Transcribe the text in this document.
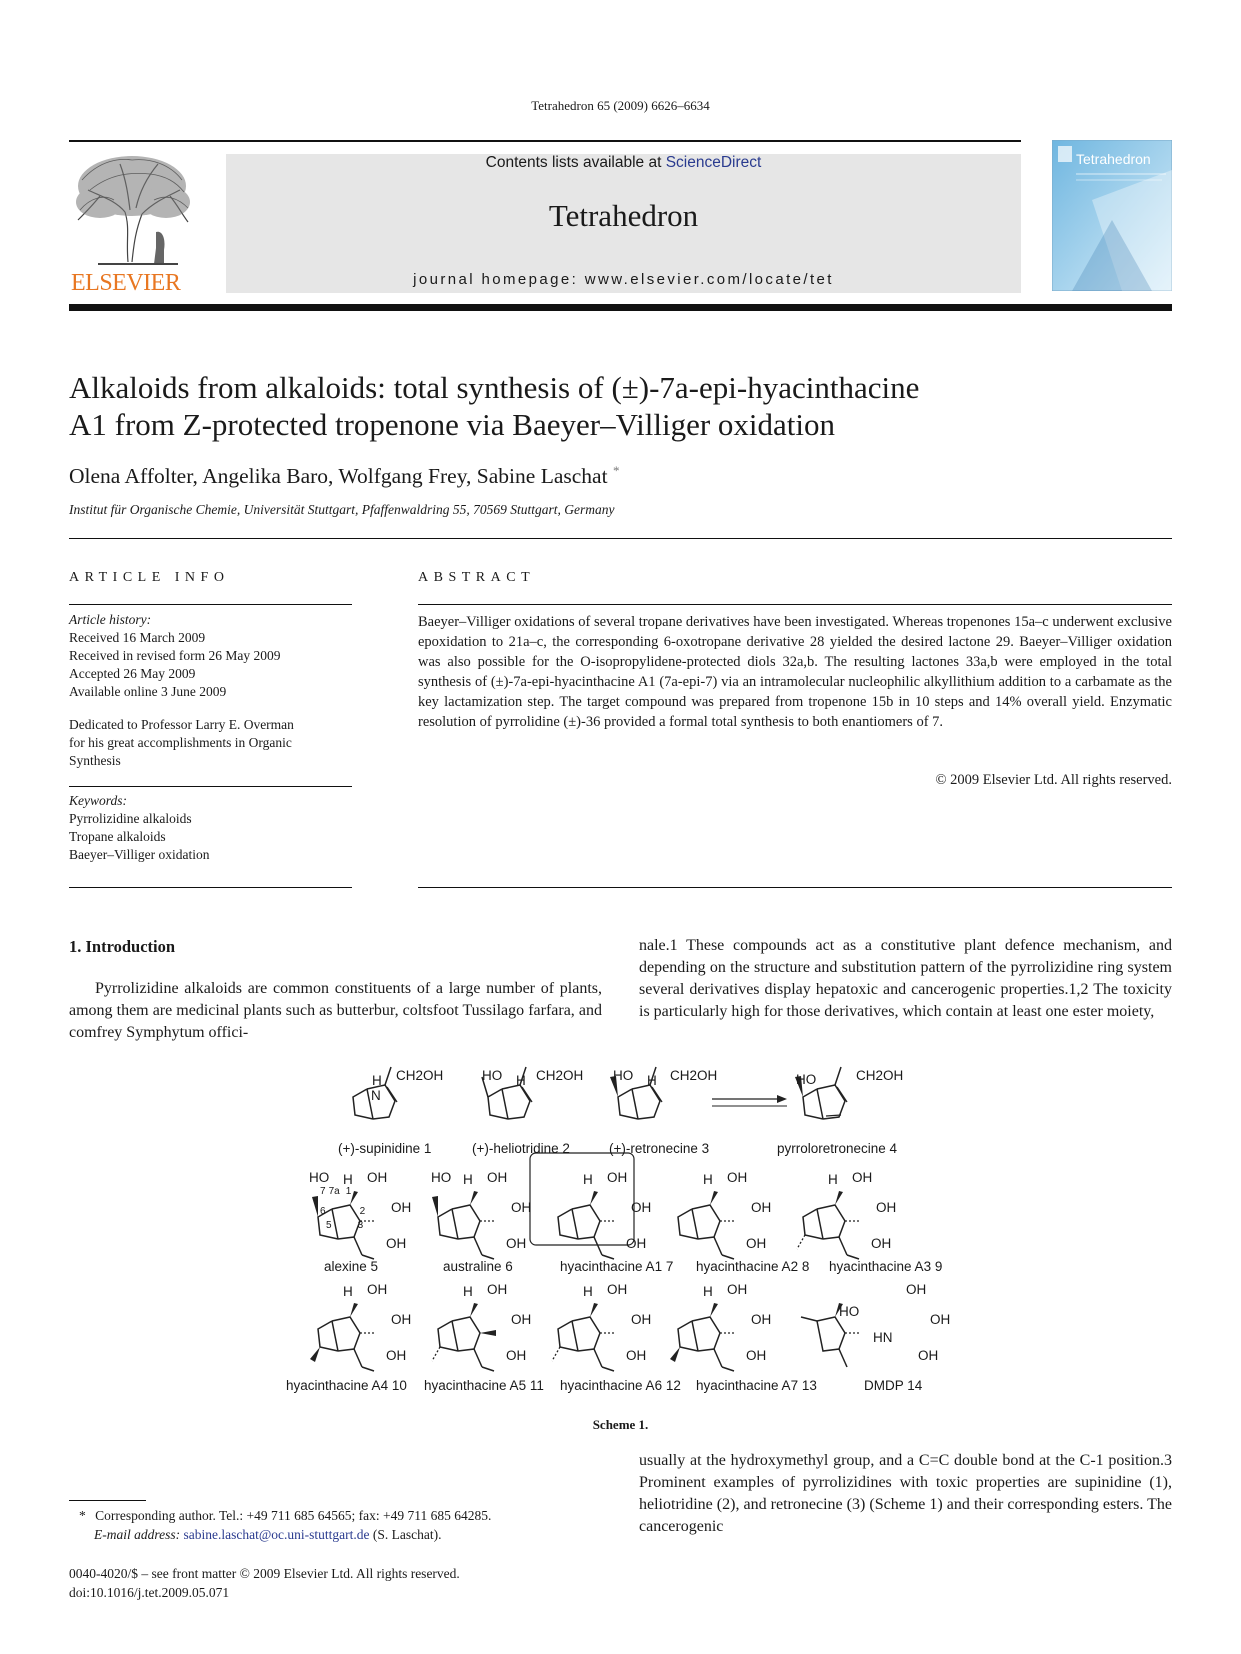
Tetrahedron 65 (2009) 6626–6634
ELSEVIER
Contents lists available at ScienceDirect
Tetrahedron
journal homepage: www.elsevier.com/locate/tet
Tetrahedron
Alkaloids from alkaloids: total synthesis of (±)-7a-epi-hyacinthacine
A1 from Z-protected tropenone via Baeyer–Villiger oxidation
Olena Affolter, Angelika Baro, Wolfgang Frey, Sabine Laschat *
Institut für Organische Chemie, Universität Stuttgart, Pfaffenwaldring 55, 70569 Stuttgart, Germany
ARTICLE INFO
Article history:
Received 16 March 2009
Received in revised form 26 May 2009
Accepted 26 May 2009
Available online 3 June 2009
Dedicated to Professor Larry E. Overman
for his great accomplishments in Organic
Synthesis
Keywords:
Pyrrolizidine alkaloids
Tropane alkaloids
Baeyer–Villiger oxidation
ABSTRACT
Baeyer–Villiger oxidations of several tropane derivatives have been investigated. Whereas tropenones 15a–c underwent exclusive epoxidation to 21a–c, the corresponding 6-oxotropane derivative 28 yielded the desired lactone 29. Baeyer–Villiger oxidation was also possible for the O-isopropylidene-protected diols 32a,b. The resulting lactones 33a,b were employed in the total synthesis of (±)-7a-epi-hyacinthacine A1 (7a-epi-7) via an intramolecular nucleophilic alkyllithium addition to a carbamate as the key lactamization step. The target compound was prepared from tropenone 15b in 10 steps and 14% overall yield. Enzymatic resolution of pyrrolidine (±)-36 provided a formal total synthesis to both enantiomers of 7.
© 2009 Elsevier Ltd. All rights reserved.
1. Introduction
Pyrrolizidine alkaloids are common constituents of a large number of plants, among them are medicinal plants such as butterbur, coltsfoot Tussilago farfara, and comfrey Symphytum offici-
nale.1 These compounds act as a constitutive plant defence mechanism, and depending on the structure and substitution pattern of the pyrrolizidine ring system several derivatives display hepatoxic and cancerogenic properties.1,2 The toxicity is particularly high for those derivatives, which contain at least one ester moiety,
H CH2OH
N
HO H CH2OH HO H CH2OH	HO	CH2OH
HO H OH
OH
OH
7 7a 1
6	2
5	3
HO H OH
OH
OH
H OH
OH
OH
H OH
OH
OH
H OH
OH
OH
H OH
OH
OH
H OH
OH
OH
H OH
OH
OH
H OH
OH
OH
HO
OH
HN
OH
OH
(+)-supinidine 1	(+)-heliotridine 2	(+)-retronecine 3	pyrroloretronecine 4
alexine 5	australine 6	hyacinthacine A1 7 hyacinthacine A2 8 hyacinthacine A3 9
hyacinthacine A4 10 hyacinthacine A5 11 hyacinthacine A6 12 hyacinthacine A7 13	DMDP 14
Scheme 1.
usually at the hydroxymethyl group, and a C=C double bond at the C-1 position.3 Prominent examples of pyrrolizidines with toxic properties are supinidine (1), heliotridine (2), and retronecine (3) (Scheme 1) and their corresponding esters. The cancerogenic
* Corresponding author. Tel.: +49 711 685 64565; fax: +49 711 685 64285.
E-mail address: sabine.laschat@oc.uni-stuttgart.de (S. Laschat).
0040-4020/$ – see front matter © 2009 Elsevier Ltd. All rights reserved.
doi:10.1016/j.tet.2009.05.071
